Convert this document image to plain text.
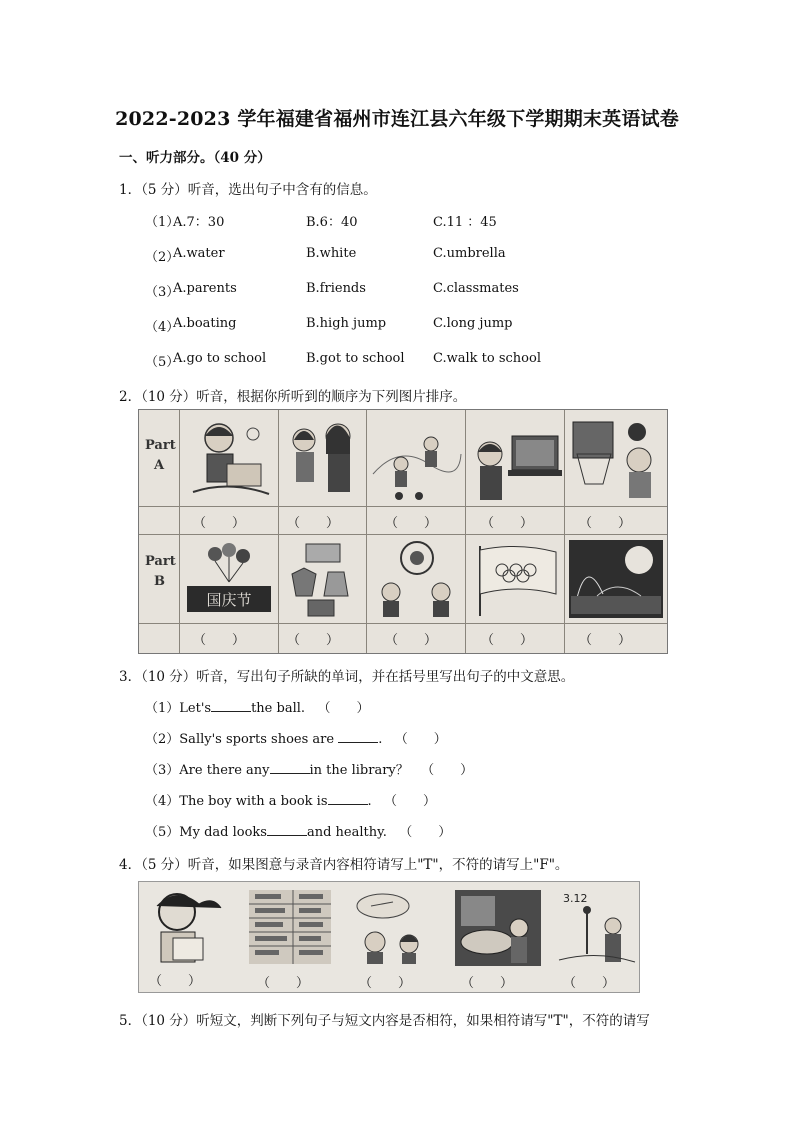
2022-2023 学年福建省福州市连江县六年级下学期期末英语试卷
一、听力部分。（40 分）
1．（5 分）听音，选出句子中含有的信息。
（1）
A.7：30	B.6：40	C.11 ：45
（2）
A.water	B.white	C.umbrella
（3）
A.parents	B.friends	C.classmates
（4）
A.boating	B.high jump	C.long jump
（5）
A.go to school	B.got to school C.walk to school
2．（10 分）听音，根据你所听到的顺序为下列图片排序。
Part
A
Part
B
国庆节
（　　）	（　　）	（　　）	（　　）	（　　）
（　　）	（　　）	（　　）	（　　）	（　　）
3．（10 分）听音，写出句子所缺的单词，并在括号里写出句子的中文意思。
（1）Let's	the ball. （　　）
（2）Sally's sports shoes are	. （　　）
（3）Are there any	in the library？ （　　）
（4）The boy with a book is	. （　　）
（5）My dad looks	and healthy. （　　）
4．（5 分）听音，如果图意与录音内容相符请写上"T"，不符的请写上"F"。
3.12
（　　）	（　　）	（　　）	（　　）	（　　）
5．（10 分）听短文，判断下列句子与短文内容是否相符，如果相符请写"T"，不符的请写
